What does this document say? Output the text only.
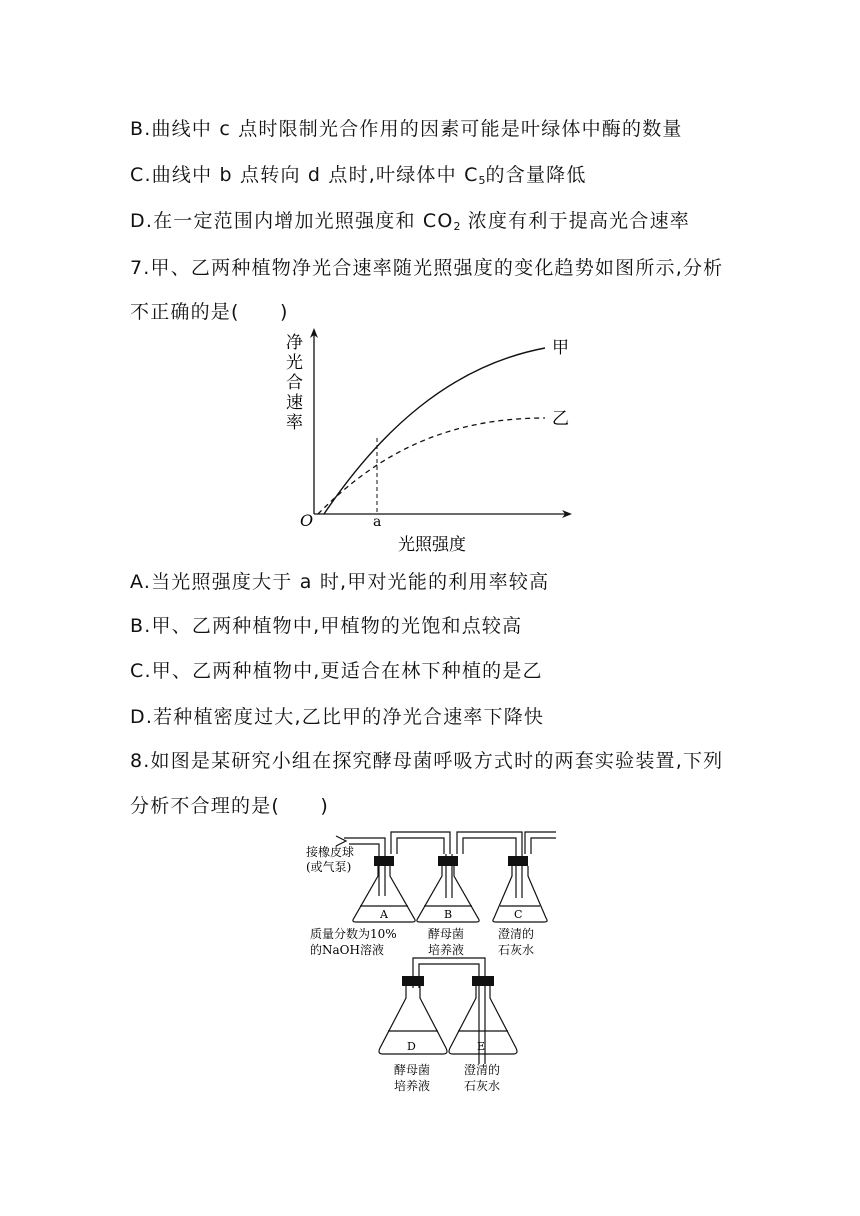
B.曲线中 c 点时限制光合作用的因素可能是叶绿体中酶的数量
C.曲线中 b 点转向 d 点时,叶绿体中 $C_5$的含量降低
D.在一定范围内增加光照强度和 $CO_2$ 浓度有利于提高光合速率
7.甲、乙两种植物净光合速率随光照强度的变化趋势如图所示,分析
不正确的是(　　)
净
光
合
速
率
甲
乙
O	a
光照强度
A.当光照强度大于 a 时,甲对光能的利用率较高
B.甲、乙两种植物中,甲植物的光饱和点较高
C.甲、乙两种植物中,更适合在林下种植的是乙
D.若种植密度过大,乙比甲的净光合速率下降快
8.如图是某研究小组在探究酵母菌呼吸方式时的两套实验装置,下列
分析不合理的是(　　)
接橡皮球
(或气泵)
A	B	C
D	E
质量分数为10%
的NaOH溶液
酵母菌
培养液
澄清的
石灰水
酵母菌
培养液
澄清的
石灰水
